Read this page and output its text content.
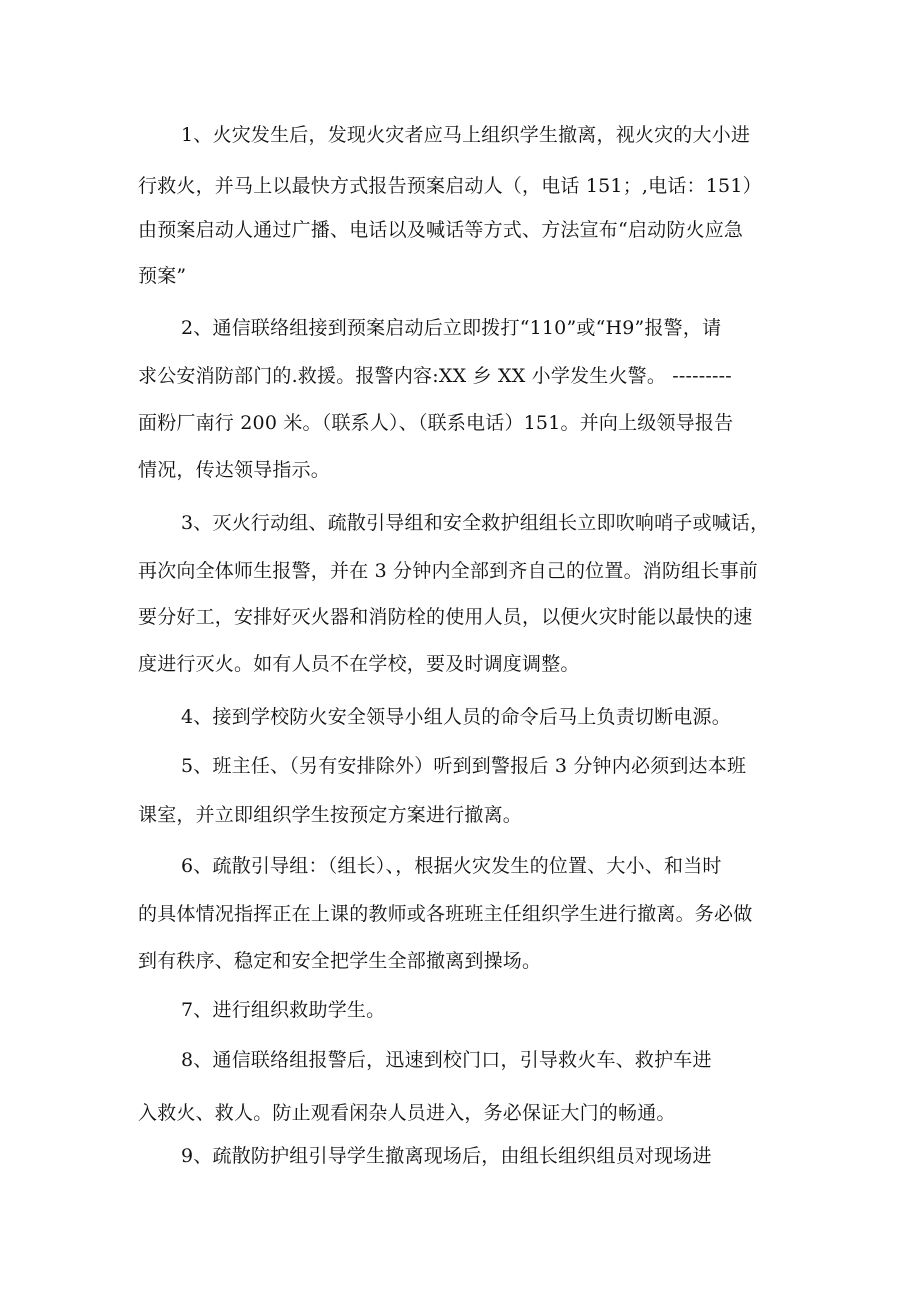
1、火灾发生后，发现火灾者应马上组织学生撤离，视火灾的大小进
行救火，并马上以最快方式报告预案启动人（，电话 151；,电话：151）
由预案启动人通过广播、电话以及喊话等方式、方法宣布“启动防火应急
预案”
2、通信联络组接到预案启动后立即拨打“110”或“H9”报警，请
求公安消防部门的.救援。报警内容:XX 乡 XX 小学发生火警。 ---------
面粉厂南行 200 米。（联系人）、（联系电话）151。并向上级领导报告
情况，传达领导指示。
3、灭火行动组、疏散引导组和安全救护组组长立即吹响哨子或喊话，
再次向全体师生报警，并在 3 分钟内全部到齐自己的位置。消防组长事前
要分好工，安排好灭火器和消防栓的使用人员，以便火灾时能以最快的速
度进行灭火。如有人员不在学校，要及时调度调整。
4、接到学校防火安全领导小组人员的命令后马上负责切断电源。
5、班主任、（另有安排除外）听到到警报后 3 分钟内必须到达本班
课室，并立即组织学生按预定方案进行撤离。
6、疏散引导组：（组长）、，根据火灾发生的位置、大小、和当时
的具体情况指挥正在上课的教师或各班班主任组织学生进行撤离。务必做
到有秩序、稳定和安全把学生全部撤离到操场。
7、进行组织救助学生。
8、通信联络组报警后，迅速到校门口，引导救火车、救护车进
入救火、救人。防止观看闲杂人员进入，务必保证大门的畅通。
9、疏散防护组引导学生撤离现场后，由组长组织组员对现场进
